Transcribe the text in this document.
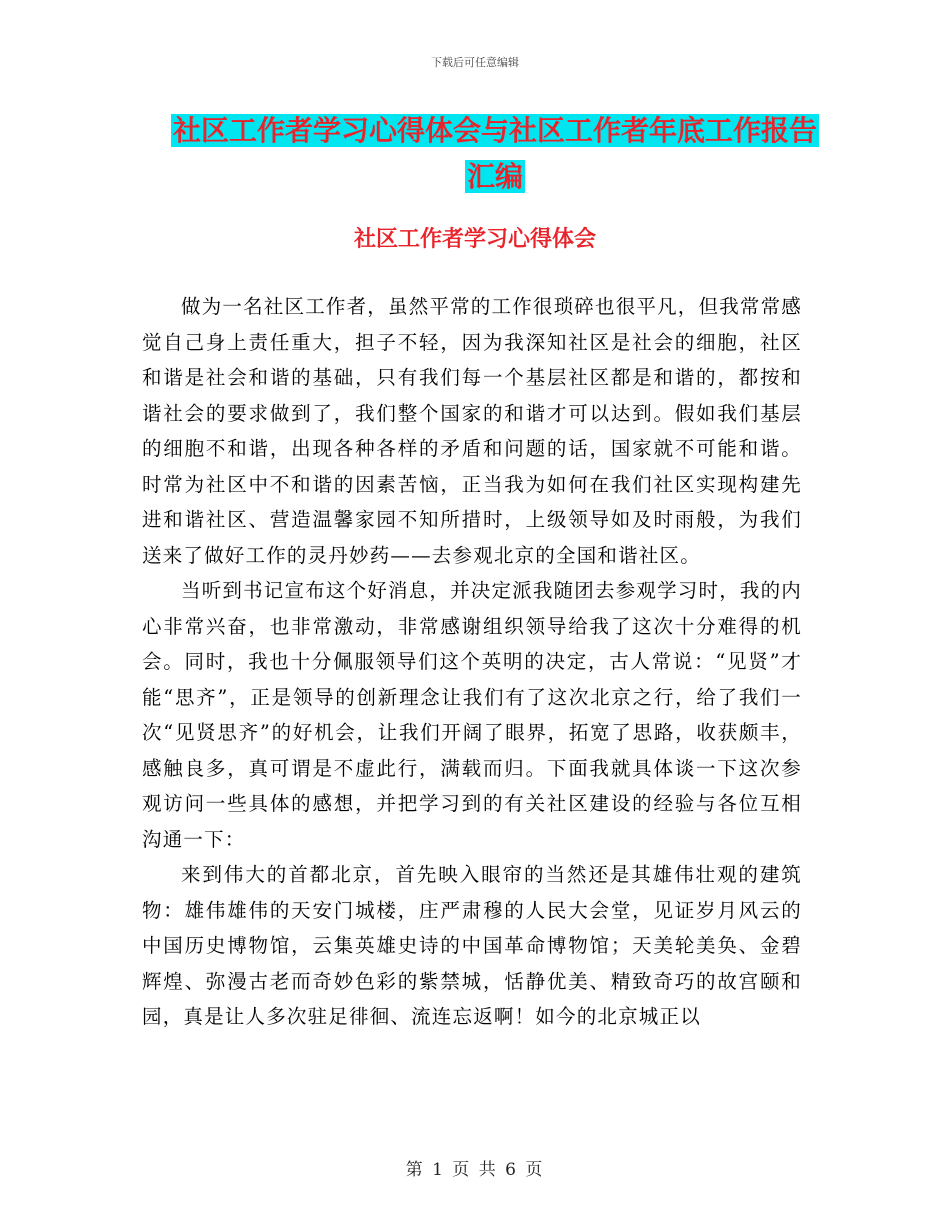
下载后可任意编辑
社区工作者学习心得体会与社区工作者年底工作报告
汇编
社区工作者学习心得体会

做为一名社区工作者，虽然平常的工作很琐碎也很平凡，但我常常感觉自己身上责任重大，担子不轻，因为我深知社区是社会的细胞，社区和谐是社会和谐的基础，只有我们每一个基层社区都是和谐的，都按和谐社会的要求做到了，我们整个国家的和谐才可以达到。假如我们基层的细胞不和谐，出现各种各样的矛盾和问题的话，国家就不可能和谐。时常为社区中不和谐的因素苦恼，正当我为如何在我们社区实现构建先进和谐社区、营造温馨家园不知所措时，上级领导如及时雨般，为我们送来了做好工作的灵丹妙药——去参观北京的全国和谐社区。

当听到书记宣布这个好消息，并决定派我随团去参观学习时，我的内心非常兴奋，也非常激动，非常感谢组织领导给我了这次十分难得的机会。同时，我也十分佩服领导们这个英明的决定，古人常说：“见贤”才能“思齐”，正是领导的创新理念让我们有了这次北京之行，给了我们一次“见贤思齐”的好机会，让我们开阔了眼界，拓宽了思路，收获颇丰，感触良多，真可谓是不虚此行，满载而归。下面我就具体谈一下这次参观访问一些具体的感想，并把学习到的有关社区建设的经验与各位互相沟通一下：

来到伟大的首都北京，首先映入眼帘的当然还是其雄伟壮观的建筑物：雄伟雄伟的天安门城楼，庄严肃穆的人民大会堂，见证岁月风云的中国历史博物馆，云集英雄史诗的中国革命博物馆；天美轮美奂、金碧辉煌、弥漫古老而奇妙色彩的紫禁城，恬静优美、精致奇巧的故宫颐和园，真是让人多次驻足徘徊、流连忘返啊！如今的北京城正以

第 1 页 共 6 页
